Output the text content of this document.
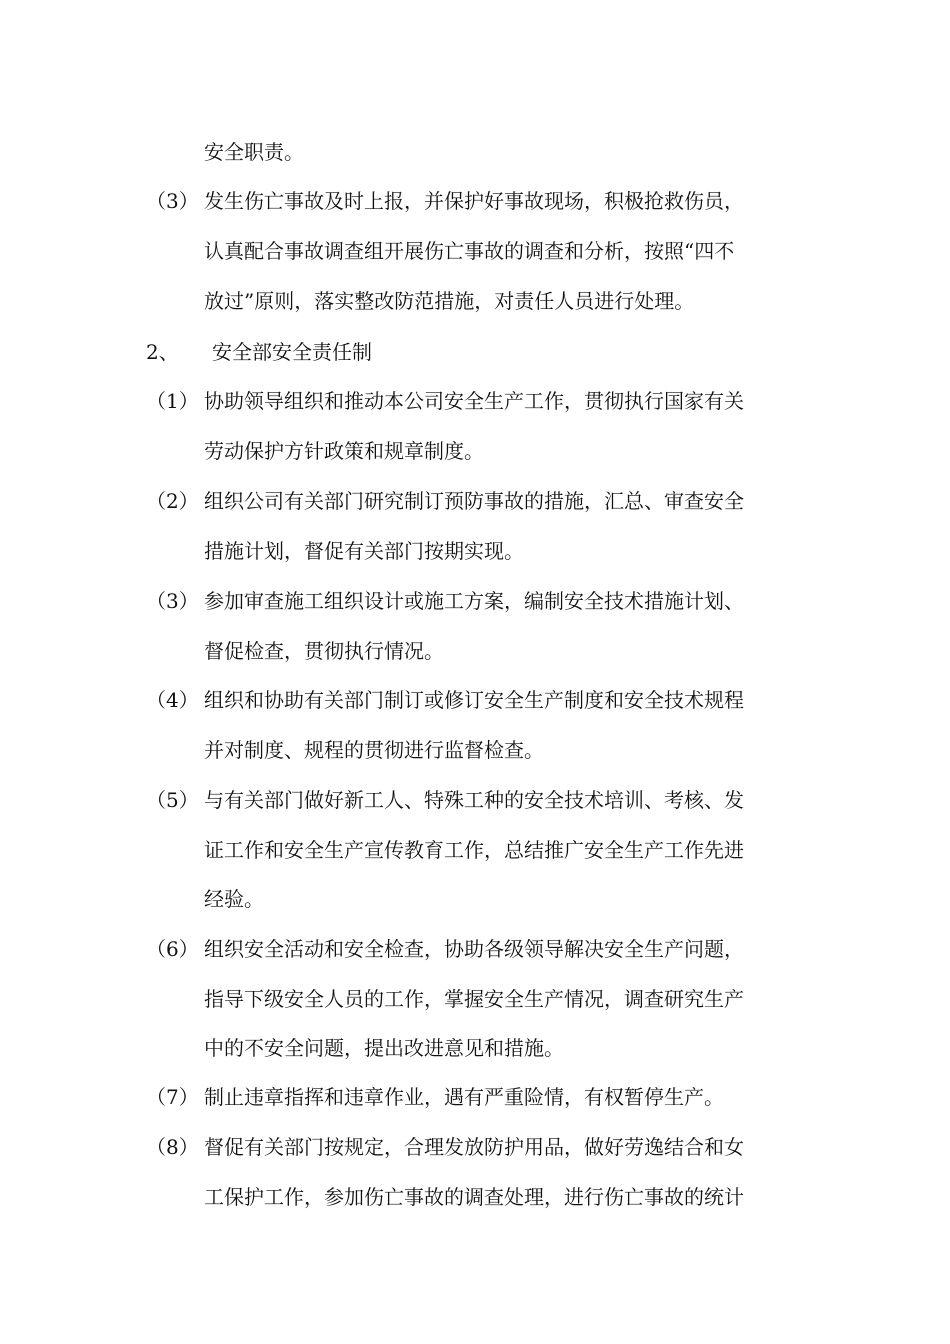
安全职责。
（3） 发生伤亡事故及时上报，并保护好事故现场，积极抢救伤员，
认真配合事故调查组开展伤亡事故的调查和分析，按照“四不
放过”原则，落实整改防范措施，对责任人员进行处理。
2、 安全部安全责任制
（1） 协助领导组织和推动本公司安全生产工作，贯彻执行国家有关
劳动保护方针政策和规章制度。
（2） 组织公司有关部门研究制订预防事故的措施，汇总、审查安全
措施计划，督促有关部门按期实现。
（3） 参加审查施工组织设计或施工方案，编制安全技术措施计划、
督促检查，贯彻执行情况。
（4） 组织和协助有关部门制订或修订安全生产制度和安全技术规程
并对制度、规程的贯彻进行监督检查。
（5） 与有关部门做好新工人、特殊工种的安全技术培训、考核、发
证工作和安全生产宣传教育工作，总结推广安全生产工作先进
经验。
（6） 组织安全活动和安全检查，协助各级领导解决安全生产问题，
指导下级安全人员的工作，掌握安全生产情况，调查研究生产
中的不安全问题，提出改进意见和措施。
（7） 制止违章指挥和违章作业，遇有严重险情，有权暂停生产。
（8） 督促有关部门按规定，合理发放防护用品，做好劳逸结合和女
工保护工作，参加伤亡事故的调查处理，进行伤亡事故的统计
